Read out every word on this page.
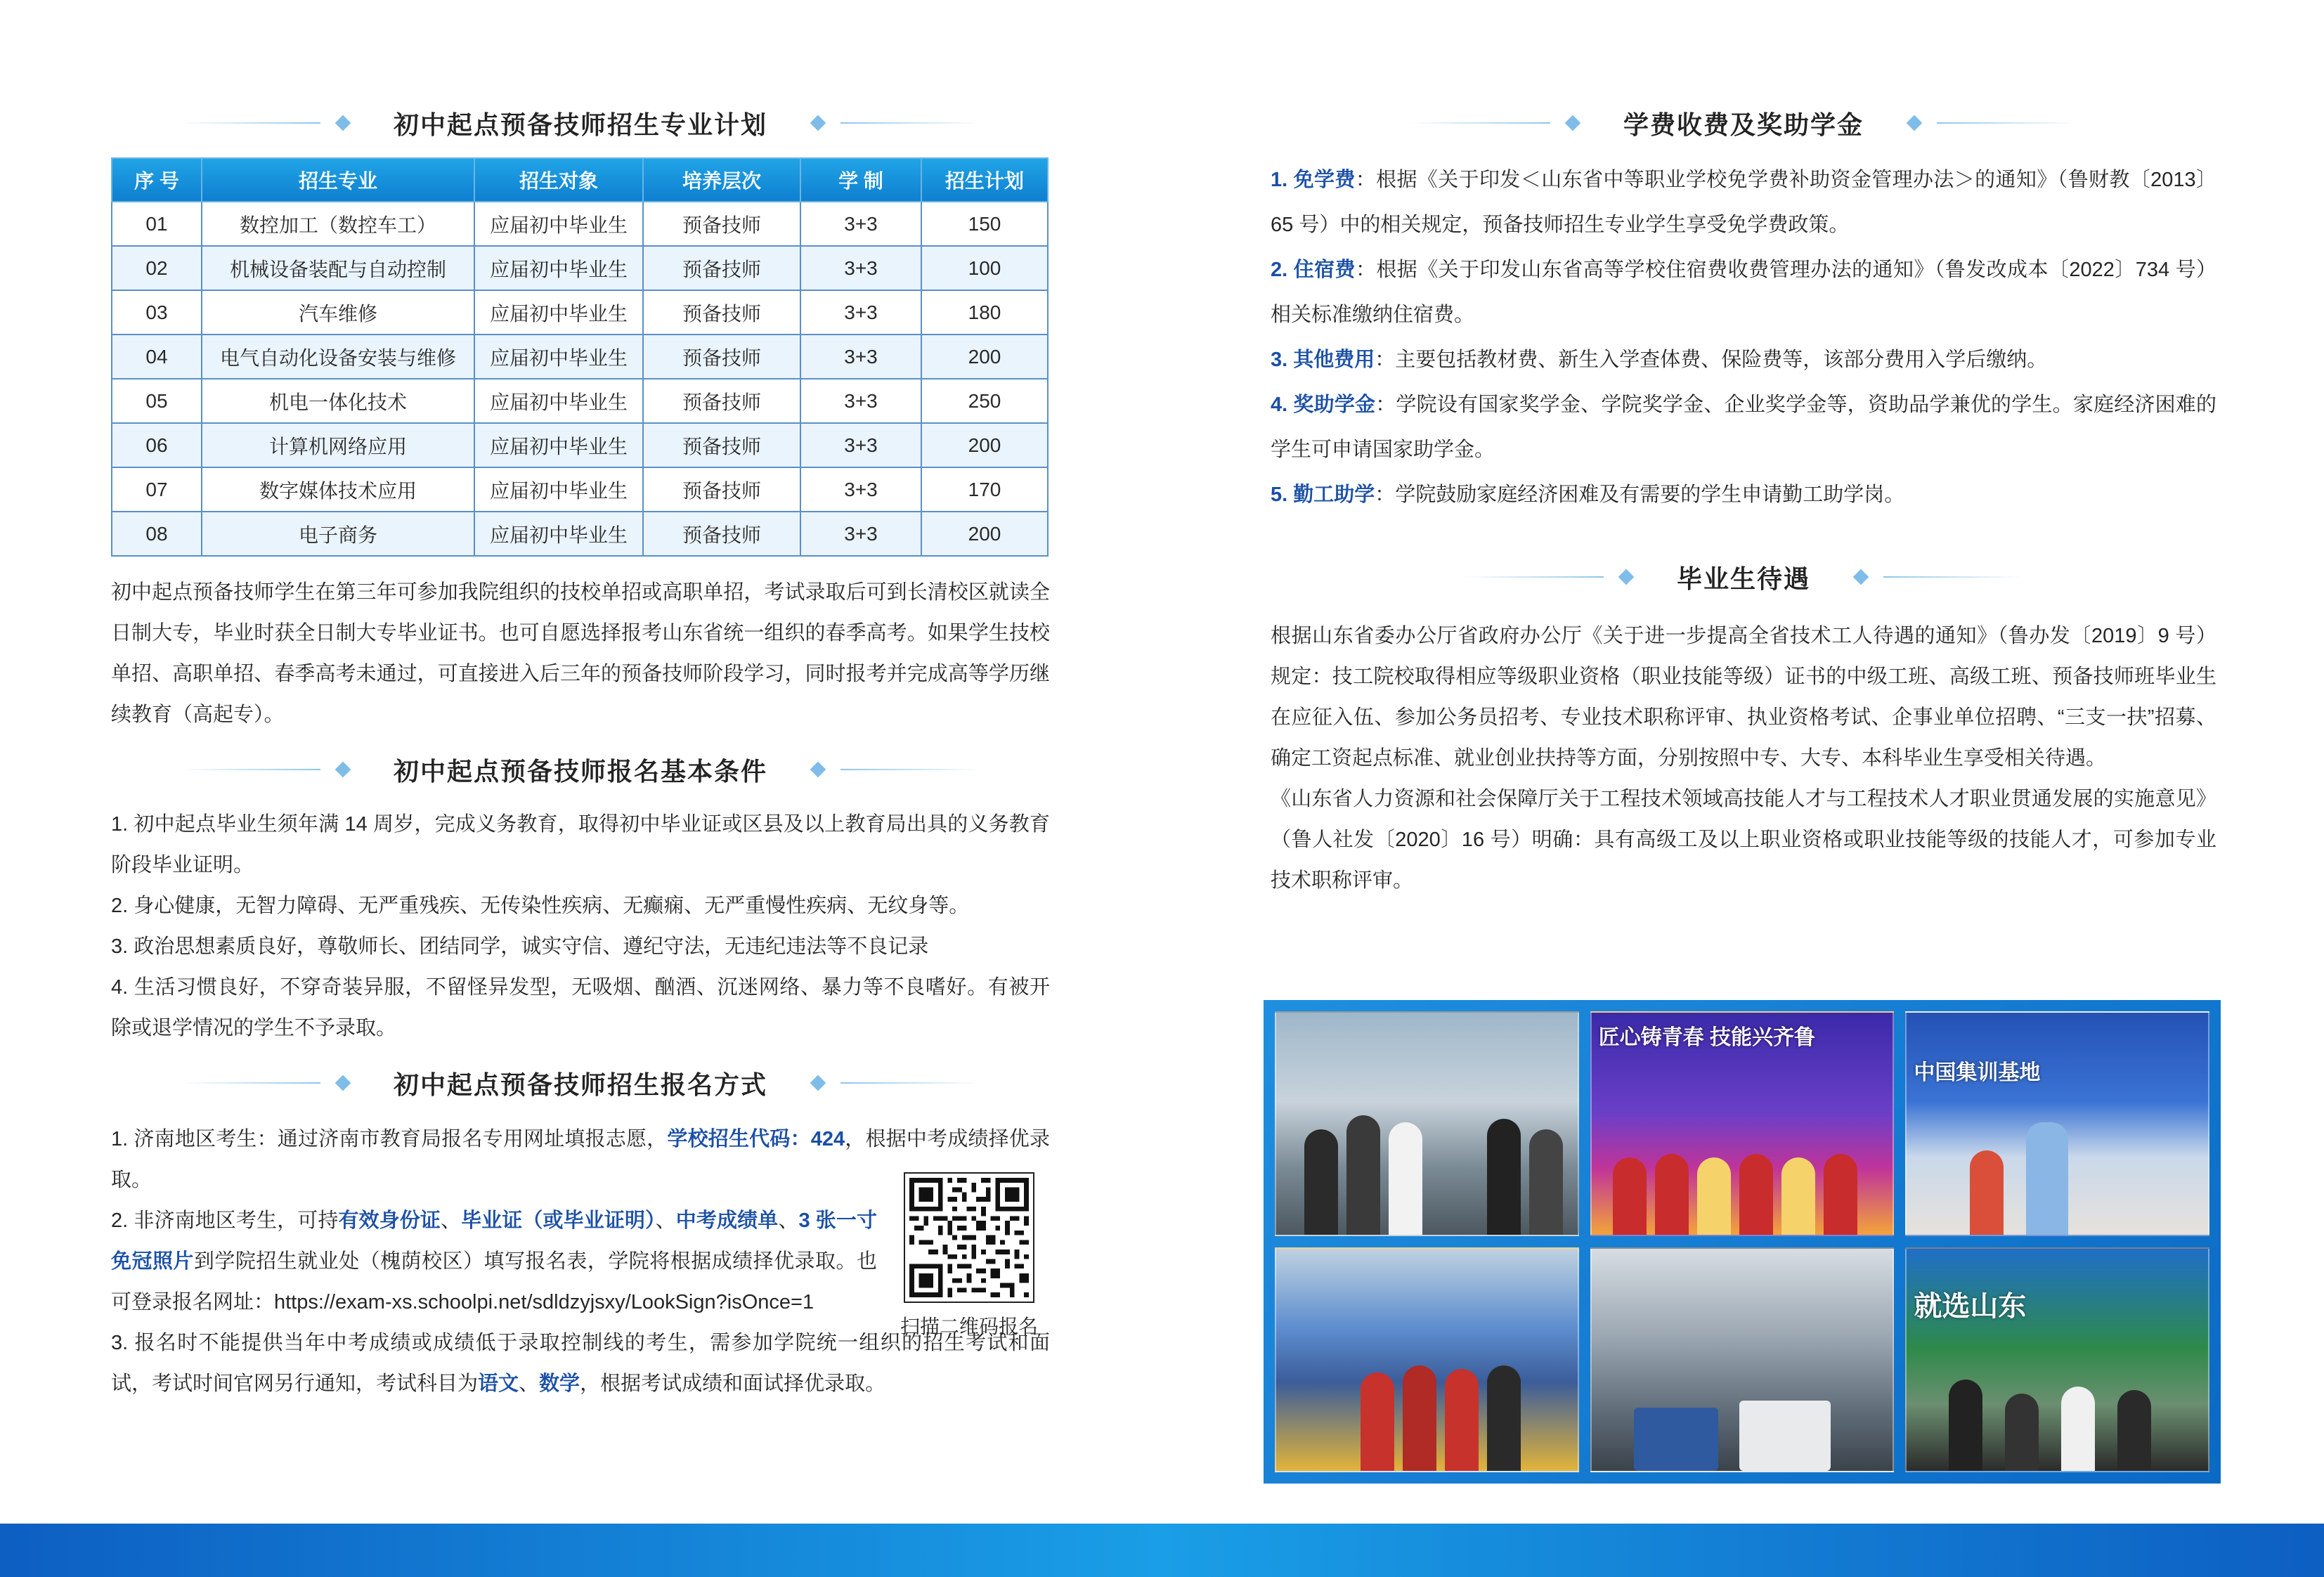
初中起点预备技师招生专业计划
序 号	招生专业	招生对象	培养层次	学 制	招生计划
01	数控加工（数控车工）	应届初中毕业生	预备技师	3+3	150
02	机械设备装配与自动控制	应届初中毕业生	预备技师	3+3	100
03	汽车维修	应届初中毕业生	预备技师	3+3	180
04	电气自动化设备安装与维修	应届初中毕业生	预备技师	3+3	200
05	机电一体化技术	应届初中毕业生	预备技师	3+3	250
06	计算机网络应用	应届初中毕业生	预备技师	3+3	200
07	数字媒体技术应用	应届初中毕业生	预备技师	3+3	170
08	电子商务	应届初中毕业生	预备技师	3+3	200

初中起点预备技师学生在第三年可参加我院组织的技校单招或高职单招，考试录取后可到长清校区就读全日制大专，毕业时获全日制大专毕业证书。也可自愿选择报考山东省统一组织的春季高考。如果学生技校单招、高职单招、春季高考未通过，可直接进入后三年的预备技师阶段学习，同时报考并完成高等学历继续教育（高起专）。

初中起点预备技师报名基本条件

1. 初中起点毕业生须年满 14 周岁，完成义务教育，取得初中毕业证或区县及以上教育局出具的义务教育阶段毕业证明。

2. 身心健康，无智力障碍、无严重残疾、无传染性疾病、无癫痫、无严重慢性疾病、无纹身等。

3. 政治思想素质良好，尊敬师长、团结同学，诚实守信、遵纪守法，无违纪违法等不良记录

4. 生活习惯良好，不穿奇装异服，不留怪异发型，无吸烟、酗酒、沉迷网络、暴力等不良嗜好。有被开除或退学情况的学生不予录取。

初中起点预备技师招生报名方式
扫描二维码报名

1. 济南地区考生：通过济南市教育局报名专用网址填报志愿，学校招生代码：424，根据中考成绩择优录取。

2. 非济南地区考生，可持有效身份证、毕业证（或毕业证明）、中考成绩单、3 张一寸免冠照片到学院招生就业处（槐荫校区）填写报名表，学院将根据成绩择优录取。也可登录报名网址：https://exam-xs.schoolpi.net/sdldzyjsxy/LookSign?isOnce=1

3. 报名时不能提供当年中考成绩或成绩低于录取控制线的考生，需参加学院统一组织的招生考试和面试，考试时间官网另行通知，考试科目为语文、数学，根据考试成绩和面试择优录取。

学费收费及奖助学金

1. 免学费：根据《关于印发＜山东省中等职业学校免学费补助资金管理办法＞的通知》（鲁财教〔2013〕65 号）中的相关规定，预备技师招生专业学生享受免学费政策。

2. 住宿费：根据《关于印发山东省高等学校住宿费收费管理办法的通知》（鲁发改成本〔2022〕734 号）相关标准缴纳住宿费。

3. 其他费用：主要包括教材费、新生入学查体费、保险费等，该部分费用入学后缴纳。

4. 奖助学金：学院设有国家奖学金、学院奖学金、企业奖学金等，资助品学兼优的学生。家庭经济困难的学生可申请国家助学金。

5. 勤工助学：学院鼓励家庭经济困难及有需要的学生申请勤工助学岗。

毕业生待遇

根据山东省委办公厅省政府办公厅《关于进一步提高全省技术工人待遇的通知》（鲁办发〔2019〕9 号）规定：技工院校取得相应等级职业资格（职业技能等级）证书的中级工班、高级工班、预备技师班毕业生在应征入伍、参加公务员招考、专业技术职称评审、执业资格考试、企事业单位招聘、“三支一扶”招募、确定工资起点标准、就业创业扶持等方面，分别按照中专、大专、本科毕业生享受相关待遇。

《山东省人力资源和社会保障厅关于工程技术领域高技能人才与工程技术人才职业贯通发展的实施意见》（鲁人社发〔2020〕16 号）明确：具有高级工及以上职业资格或职业技能等级的技能人才，可参加专业技术职称评审。

匠心铸青春 技能兴齐鲁
中国集训基地
就选山东
